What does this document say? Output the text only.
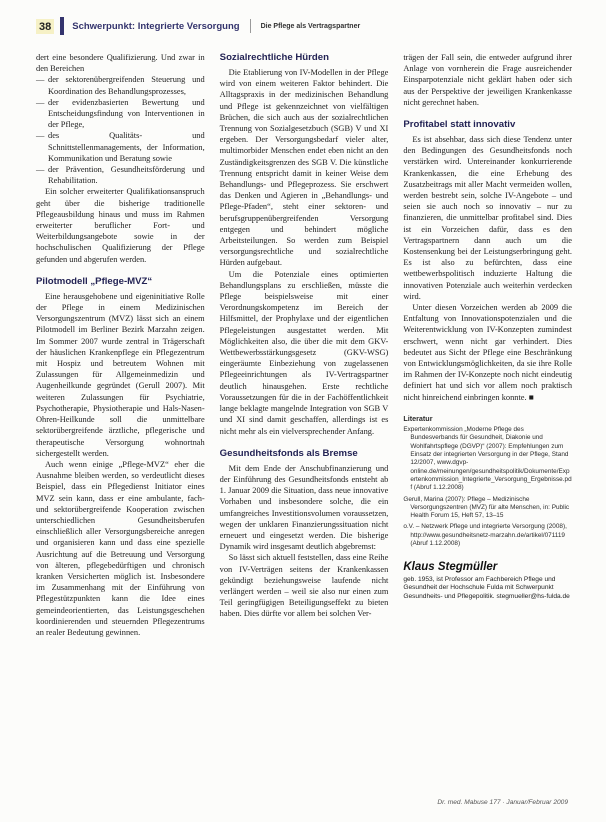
38	Schwerpunkt: Integrierte Versorgung	Die Pflege als Vertragspartner

dert eine besondere Qualifizierung. Und zwar in den Bereichen

— der sektorenübergreifenden Steuerung und Koordination des Behandlungsprozesses,
— der evidenzbasierten Bewertung und Entscheidungsfindung von Interventionen in der Pflege,
— des Qualitäts- und Schnittstellenmanagements, der Information, Kommunikation und Beratung sowie
— der Prävention, Gesundheitsförderung und Rehabilitation.

Ein solcher erweiterter Qualifikationsanspruch geht über die bisherige traditionelle Pflegeausbildung hinaus und muss im Rahmen erweiterter beruflicher Fort- und Weiterbildungsangebote sowie in der hochschulischen Qualifizierung der Pflege gefunden und abgerufen werden.

Pilotmodell „Pflege-MVZ“

Eine herausgehobene und eigeninitiative Rolle der Pflege in einem Medizinischen Versorgungszentrum (MVZ) lässt sich an einem Pilotmodell im Berliner Bezirk Marzahn zeigen. Im Sommer 2007 wurde zentral in Trägerschaft der häuslichen Krankenpflege ein Pflegezentrum mit Hospiz und betreutem Wohnen mit Zulassungen für Allgemeinmedizin und Augenheilkunde gegründet (Gerull 2007). Mit weiteren Zulassungen für Psychiatrie, Psychotherapie, Physiotherapie und Hals-Nasen-Ohren-Heilkunde soll die unmittelbare sektorübergreifende ärztliche, pflegerische und therapeutische Versorgung wohnortnah sichergestellt werden.

Auch wenn einige „Pflege-MVZ“ eher die Ausnahme bleiben werden, so verdeutlicht dieses Beispiel, dass ein Pflegedienst Initiator eines MVZ sein kann, dass er eine ambulante, fach- und sektorübergreifende Kooperation zwischen unterschiedlichen Gesundheitsberufen einschließlich aller Versorgungsbereiche anregen und organisieren kann und dass eine spezielle Ausrichtung auf die Betreuung und Versorgung von älteren, pflegebedürftigen und chronisch kranken Versicherten möglich ist. Insbesondere im Zusammenhang mit der Einführung von Pflegestützpunkten kann die Idee eines gemeindeorientierten, das Leistungsgeschehen koordinierenden und steuernden Pflegezentrums an realer Bedeutung gewinnen.

Sozialrechtliche Hürden

Die Etablierung von IV-Modellen in der Pflege wird von einem weiteren Faktor behindert. Die Alltagspraxis in der medizinischen Behandlung und Pflege ist gekennzeichnet von vielfältigen Brüchen, die sich auch aus der sozialrechtlichen Trennung von Sozialgesetzbuch (SGB) V und XI ergeben. Der Versorgungsbedarf vieler alter, multimorbider Menschen endet eben nicht an den Zuständigkeitsgrenzen des SGB V. Die künstliche Trennung entspricht damit in keiner Weise dem Behandlungs- und Pflegeprozess. Sie erschwert das Denken und Agieren in „Behandlungs- und Pflege-Pfaden“, steht einer sektoren- und berufsgruppenübergreifenden Versorgung entgegen und behindert mögliche Arbeitsteilungen. So werden zum Beispiel versorgungsrechtliche und sozialrechtliche Hürden aufgebaut.

Um die Potenziale eines optimierten Behandlungsplans zu erschließen, müsste die Pflege beispielsweise mit einer Verordnungskompetenz im Bereich der Hilfsmittel, der Prophylaxe und der eigentlichen Pflegeleistungen ausgestattet werden. Mit Möglichkeiten also, die über die mit dem GKV-Wettbewerbsstärkungsgesetz (GKV-WSG) eingeräumte Einbeziehung von zugelassenen Pflegeeinrichtungen als IV-Vertragspartner deutlich hinausgehen. Erste rechtliche Voraussetzungen für die in der Fachöffentlichkeit lange beklagte mangelnde Integration von SGB V und XI sind damit geschaffen, allerdings ist es nicht mehr als ein vielversprechender Anfang.

Gesundheitsfonds als Bremse

Mit dem Ende der Anschubfinanzierung und der Einführung des Gesundheitsfonds entsteht ab 1. Januar 2009 die Situation, dass neue innovative Vorhaben und insbesondere solche, die ein umfangreiches Investitionsvolumen voraussetzen, wegen der unklaren Finanzierungssituation nicht erneuert und eingesetzt werden. Die bisherige Dynamik wird insgesamt deutlich abgebremst:

So lässt sich aktuell feststellen, dass eine Reihe von IV-Verträgen seitens der Krankenkassen gekündigt beziehungsweise laufende nicht verlängert werden – weil sie also nur einen zum Teil geringfügigen Beteiligungseffekt zu bieten haben. Dies dürfte vor allem bei solchen Ver-

trägen der Fall sein, die entweder aufgrund ihrer Anlage von vornherein die Frage ausreichender Einsparpotenziale nicht geklärt haben oder sich aus der Perspektive der jeweiligen Krankenkasse nicht gerechnet haben.

Profitabel statt innovativ

Es ist absehbar, dass sich diese Tendenz unter den Bedingungen des Gesundheitsfonds noch verstärken wird. Untereinander konkurrierende Krankenkassen, die eine Erhebung des Zusatzbeitrags mit aller Macht vermeiden wollen, werden bestrebt sein, solche IV-Angebote – und seien sie auch noch so innovativ – nur zu finanzieren, die unmittelbar profitabel sind. Dies ist ein Vorzeichen dafür, dass es den Vertragspartnern dann auch um die Kostensenkung bei der Leistungserbringung geht. Es ist also zu befürchten, dass eine wettbewerbspolitisch induzierte Haltung die innovativen Potenziale auch weiterhin verdecken wird.

Unter diesen Vorzeichen werden ab 2009 die Entfaltung von Innovationspotenzialen und die Weiterentwicklung von IV-Konzepten zumindest erschwert, wenn nicht gar verhindert. Dies bedeutet aus Sicht der Pflege eine Beschränkung von Entwicklungsmöglichkeiten, da sie ihre Rolle im Rahmen der IV-Konzepte noch nicht eindeutig definiert hat und sich vor allem noch praktisch nicht hinreichend einbringen konnte. ■

Literatur

Expertenkommission „Moderne Pflege des Bundesverbands für Gesundheit, Diakonie und Wohlfahrtspflege (DGVP)“ (2007): Empfehlungen zum Einsatz der integrierten Versorgung in der Pflege, Stand 12/2007, www.dgvp-online.de/meinungen/gesundheitspolitik/Dokumente/Expertenkommission_Integrierte_Versorgung_Ergebnisse.pdf (Abruf 1.12.2008)

Gerull, Marina (2007): Pflege – Medizinische Versorgungszentren (MVZ) für alte Menschen, in: Public Health Forum 15, Heft 57, 13–15

o.V. – Netzwerk Pflege und integrierte Versorgung (2008), http://www.gesundheitsnetz-marzahn.de/artikel/071119 (Abruf 1.12.2008)

Klaus Stegmüller

geb. 1953, ist Professor am Fachbereich Pflege und Gesundheit der Hochschule Fulda mit Schwerpunkt Gesundheits- und Pflegepolitik. stegmueller@hs-fulda.de

Dr. med. Mabuse 177 · Januar/Februar 2009
